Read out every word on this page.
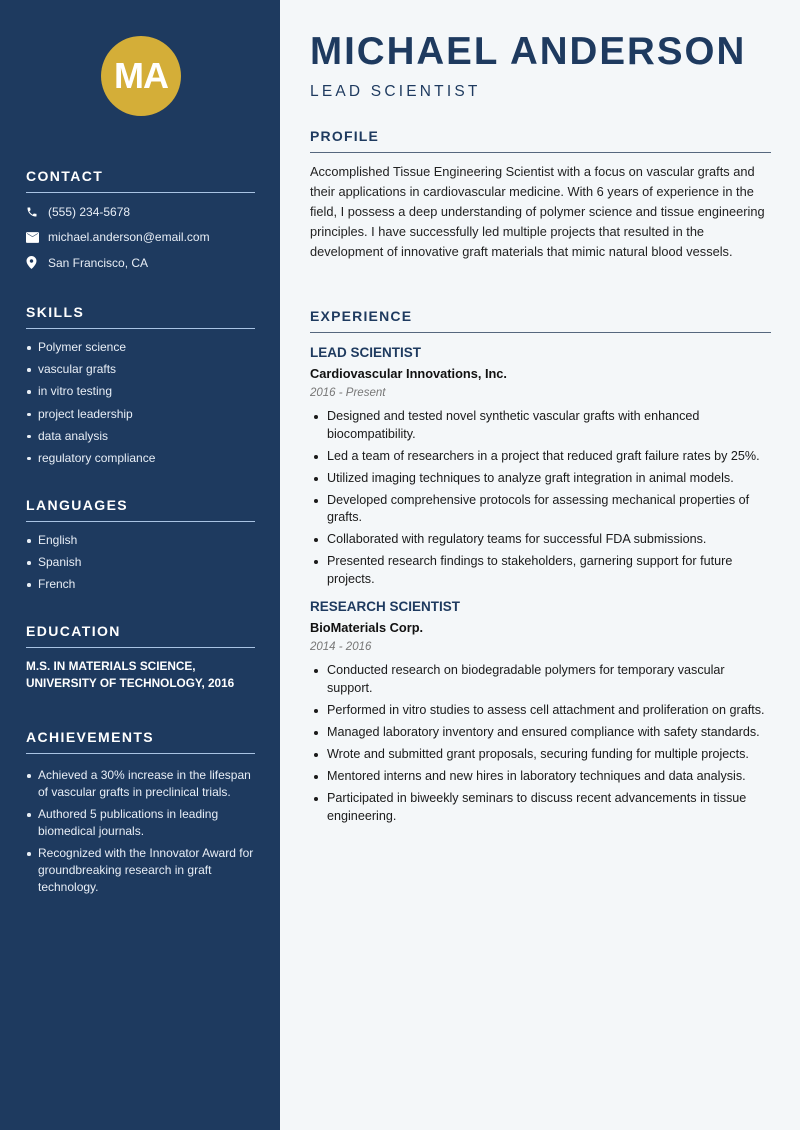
MA
CONTACT
(555) 234-5678
michael.anderson@email.com
San Francisco, CA
SKILLS
Polymer science
vascular grafts
in vitro testing
project leadership
data analysis
regulatory compliance
LANGUAGES
English
Spanish
French
EDUCATION
M.S. IN MATERIALS SCIENCE,
UNIVERSITY OF TECHNOLOGY, 2016
ACHIEVEMENTS
Achieved a 30% increase in the lifespan of vascular grafts in preclinical trials.
Authored 5 publications in leading biomedical journals.
Recognized with the Innovator Award for groundbreaking research in graft technology.
MICHAEL ANDERSON
LEAD SCIENTIST
PROFILE

Accomplished Tissue Engineering Scientist with a focus on vascular grafts and their applications in cardiovascular medicine. With 6 years of experience in the field, I possess a deep understanding of polymer science and tissue engineering principles. I have successfully led multiple projects that resulted in the development of innovative graft materials that mimic natural blood vessels.

EXPERIENCE
LEAD SCIENTIST
Cardiovascular Innovations, Inc.
2016 - Present
Designed and tested novel synthetic vascular grafts with enhanced biocompatibility.
Led a team of researchers in a project that reduced graft failure rates by 25%.
Utilized imaging techniques to analyze graft integration in animal models.
Developed comprehensive protocols for assessing mechanical properties of grafts.
Collaborated with regulatory teams for successful FDA submissions.
Presented research findings to stakeholders, garnering support for future projects.
RESEARCH SCIENTIST
BioMaterials Corp.
2014 - 2016
Conducted research on biodegradable polymers for temporary vascular support.
Performed in vitro studies to assess cell attachment and proliferation on grafts.
Managed laboratory inventory and ensured compliance with safety standards.
Wrote and submitted grant proposals, securing funding for multiple projects.
Mentored interns and new hires in laboratory techniques and data analysis.
Participated in biweekly seminars to discuss recent advancements in tissue engineering.
